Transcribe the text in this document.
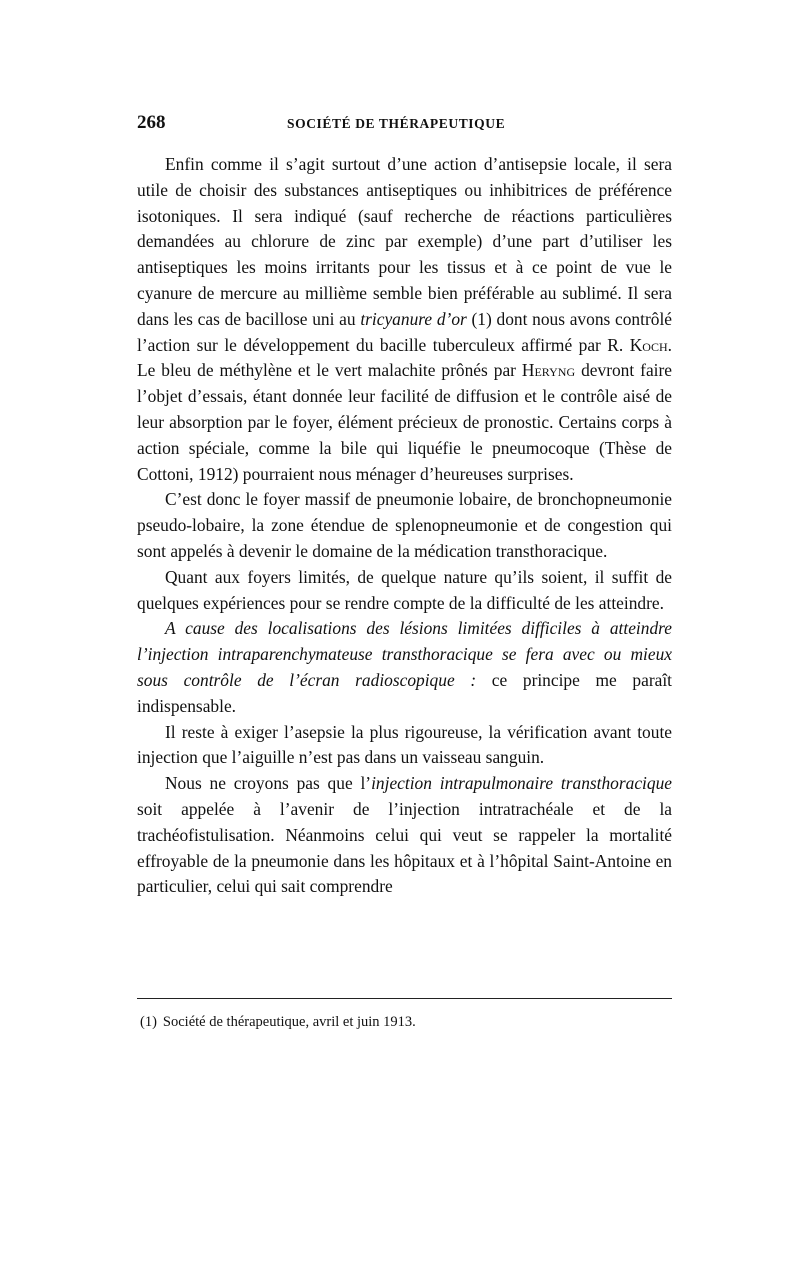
268	SOCIÉTÉ DE THÉRAPEUTIQUE

Enfin comme il s’agit surtout d’une action d’antisepsie locale, il sera utile de choisir des substances antiseptiques ou inhibitrices de préférence isotoniques. Il sera indiqué (sauf recherche de réactions particulières demandées au chlorure de zinc par exemple) d’une part d’utiliser les antiseptiques les moins irritants pour les tissus et à ce point de vue le cyanure de mercure au millième semble bien préférable au sublimé. Il sera dans les cas de bacillose uni au tricyanure d’or (1) dont nous avons contrôlé l’action sur le développement du bacille tuberculeux affirmé par R. Koch. Le bleu de méthylène et le vert malachite prônés par Heryng devront faire l’objet d’essais, étant donnée leur facilité de diffusion et le contrôle aisé de leur absorption par le foyer, élément précieux de pronostic. Certains corps à action spéciale, comme la bile qui liquéfie le pneumocoque (Thèse de Cottoni, 1912) pourraient nous ménager d’heureuses surprises.

C’est donc le foyer massif de pneumonie lobaire, de bronchopneumonie pseudo-lobaire, la zone étendue de splenopneumonie et de congestion qui sont appelés à devenir le domaine de la médication transthoracique.

Quant aux foyers limités, de quelque nature qu’ils soient, il suffit de quelques expériences pour se rendre compte de la difficulté de les atteindre.

A cause des localisations des lésions limitées difficiles à atteindre l’injection intraparenchymateuse transthoracique se fera avec ou mieux sous contrôle de l’écran radioscopique : ce principe me paraît indispensable.

Il reste à exiger l’asepsie la plus rigoureuse, la vérification avant toute injection que l’aiguille n’est pas dans un vaisseau sanguin.

Nous ne croyons pas que l’injection intrapulmonaire transthoracique soit appelée à l’avenir de l’injection intratrachéale et de la trachéofistulisation. Néanmoins celui qui veut se rappeler la mortalité effroyable de la pneumonie dans les hôpitaux et à l’hôpital Saint-Antoine en particulier, celui qui sait comprendre

(1) Société de thérapeutique, avril et juin 1913.
